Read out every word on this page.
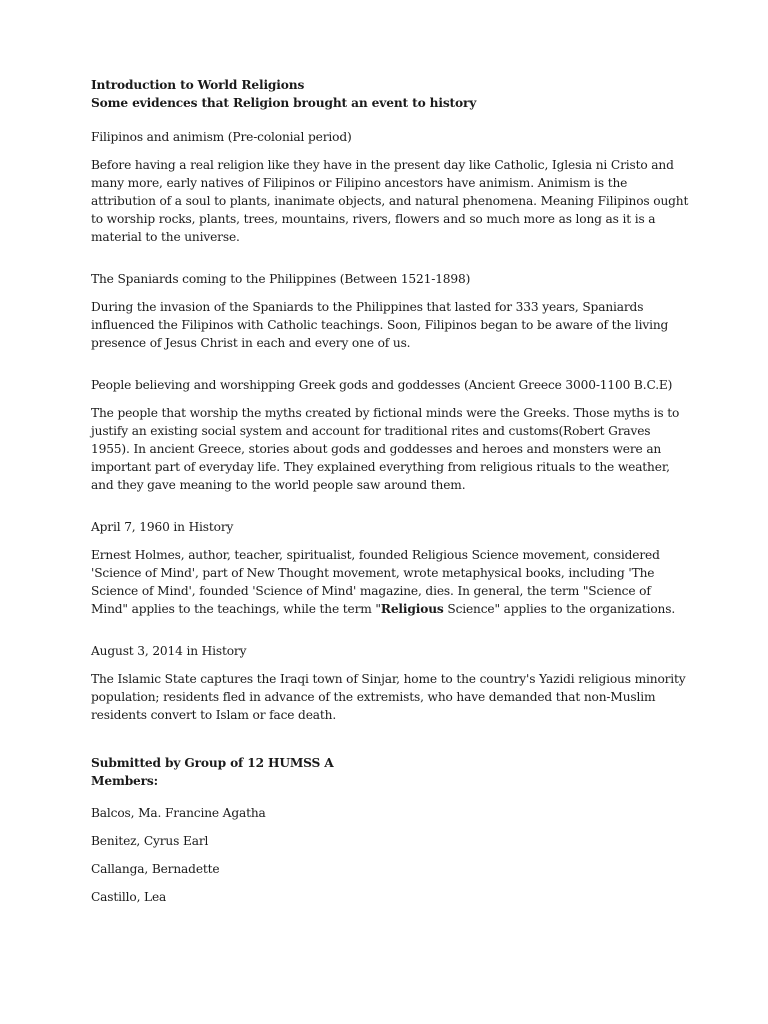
Introduction to World Religions
Some evidences that Religion brought an event to history

Filipinos and animism (Pre-colonial period)

Before having a real religion like they have in the present day like Catholic, Iglesia ni Cristo and many more, early natives of Filipinos or Filipino ancestors have animism. Animism is the attribution of a soul to plants, inanimate objects, and natural phenomena. Meaning Filipinos ought to worship rocks, plants, trees, mountains, rivers, flowers and so much more as long as it is a material to the universe.

The Spaniards coming to the Philippines (Between 1521-1898)

During the invasion of the Spaniards to the Philippines that lasted for 333 years, Spaniards influenced the Filipinos with Catholic teachings. Soon, Filipinos began to be aware of the living presence of Jesus Christ in each and every one of us.

People believing and worshipping Greek gods and goddesses (Ancient Greece 3000-1100 B.C.E)

The people that worship the myths created by fictional minds were the Greeks. Those myths is to justify an existing social system and account for traditional rites and customs(Robert Graves 1955). In ancient Greece, stories about gods and goddesses and heroes and monsters were an important part of everyday life. They explained everything from religious rituals to the weather, and they gave meaning to the world people saw around them.

April 7, 1960 in History

Ernest Holmes, author, teacher, spiritualist, founded Religious Science movement, considered 'Science of Mind', part of New Thought movement, wrote metaphysical books, including 'The Science of Mind', founded 'Science of Mind' magazine, dies. In general, the term "Science of Mind" applies to the teachings, while the term "Religious Science" applies to the organizations.

August 3, 2014 in History

The Islamic State captures the Iraqi town of Sinjar, home to the country's Yazidi religious minority population; residents fled in advance of the extremists, who have demanded that non-Muslim residents convert to Islam or face death.

Submitted by Group of 12 HUMSS A
Members:

Balcos, Ma. Francine Agatha

Benitez, Cyrus Earl

Callanga, Bernadette

Castillo, Lea
